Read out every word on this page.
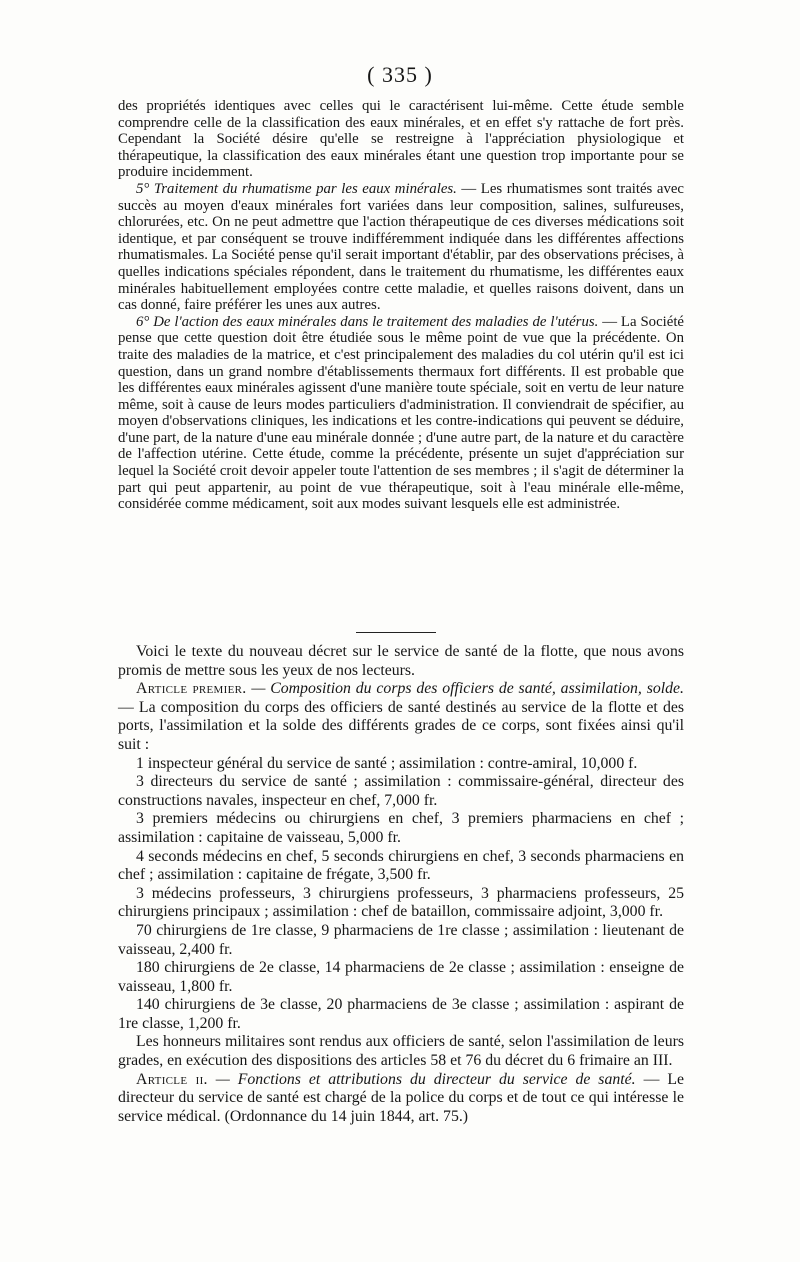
( 335 )

des propriétés identiques avec celles qui le caractérisent lui-même. Cette étude semble comprendre celle de la classification des eaux minérales, et en effet s'y rattache de fort près. Cependant la Société désire qu'elle se restreigne à l'appréciation physiologique et thérapeutique, la classification des eaux minérales étant une question trop importante pour se produire incidemment.

5° Traitement du rhumatisme par les eaux minérales. — Les rhumatismes sont traités avec succès au moyen d'eaux minérales fort variées dans leur composition, salines, sulfureuses, chlorurées, etc. On ne peut admettre que l'action thérapeutique de ces diverses médications soit identique, et par conséquent se trouve indifféremment indiquée dans les différentes affections rhumatismales. La Société pense qu'il serait important d'établir, par des observations précises, à quelles indications spéciales répondent, dans le traitement du rhumatisme, les différentes eaux minérales habituellement employées contre cette maladie, et quelles raisons doivent, dans un cas donné, faire préférer les unes aux autres.

6° De l'action des eaux minérales dans le traitement des maladies de l'utérus. — La Société pense que cette question doit être étudiée sous le même point de vue que la précédente. On traite des maladies de la matrice, et c'est principalement des maladies du col utérin qu'il est ici question, dans un grand nombre d'établissements thermaux fort différents. Il est probable que les différentes eaux minérales agissent d'une manière toute spéciale, soit en vertu de leur nature même, soit à cause de leurs modes particuliers d'administration. Il conviendrait de spécifier, au moyen d'observations cliniques, les indications et les contre-indications qui peuvent se déduire, d'une part, de la nature d'une eau minérale donnée ; d'une autre part, de la nature et du caractère de l'affection utérine. Cette étude, comme la précédente, présente un sujet d'appréciation sur lequel la Société croit devoir appeler toute l'attention de ses membres ; il s'agit de déterminer la part qui peut appartenir, au point de vue thérapeutique, soit à l'eau minérale elle-même, considérée comme médicament, soit aux modes suivant lesquels elle est administrée.

Voici le texte du nouveau décret sur le service de santé de la flotte, que nous avons promis de mettre sous les yeux de nos lecteurs.

Article premier. — Composition du corps des officiers de santé, assimilation, solde. — La composition du corps des officiers de santé destinés au service de la flotte et des ports, l'assimilation et la solde des différents grades de ce corps, sont fixées ainsi qu'il suit :

1 inspecteur général du service de santé ; assimilation : contre-amiral, 10,000 f.

3 directeurs du service de santé ; assimilation : commissaire-général, directeur des constructions navales, inspecteur en chef, 7,000 fr.

3 premiers médecins ou chirurgiens en chef, 3 premiers pharmaciens en chef ; assimilation : capitaine de vaisseau, 5,000 fr.

4 seconds médecins en chef, 5 seconds chirurgiens en chef, 3 seconds pharmaciens en chef ; assimilation : capitaine de frégate, 3,500 fr.

3 médecins professeurs, 3 chirurgiens professeurs, 3 pharmaciens professeurs, 25 chirurgiens principaux ; assimilation : chef de bataillon, commissaire adjoint, 3,000 fr.

70 chirurgiens de 1re classe, 9 pharmaciens de 1re classe ; assimilation : lieutenant de vaisseau, 2,400 fr.

180 chirurgiens de 2e classe, 14 pharmaciens de 2e classe ; assimilation : enseigne de vaisseau, 1,800 fr.

140 chirurgiens de 3e classe, 20 pharmaciens de 3e classe ; assimilation : aspirant de 1re classe, 1,200 fr.

Les honneurs militaires sont rendus aux officiers de santé, selon l'assimilation de leurs grades, en exécution des dispositions des articles 58 et 76 du décret du 6 frimaire an III.

Article ii. — Fonctions et attributions du directeur du service de santé. — Le directeur du service de santé est chargé de la police du corps et de tout ce qui intéresse le service médical. (Ordonnance du 14 juin 1844, art. 75.)
